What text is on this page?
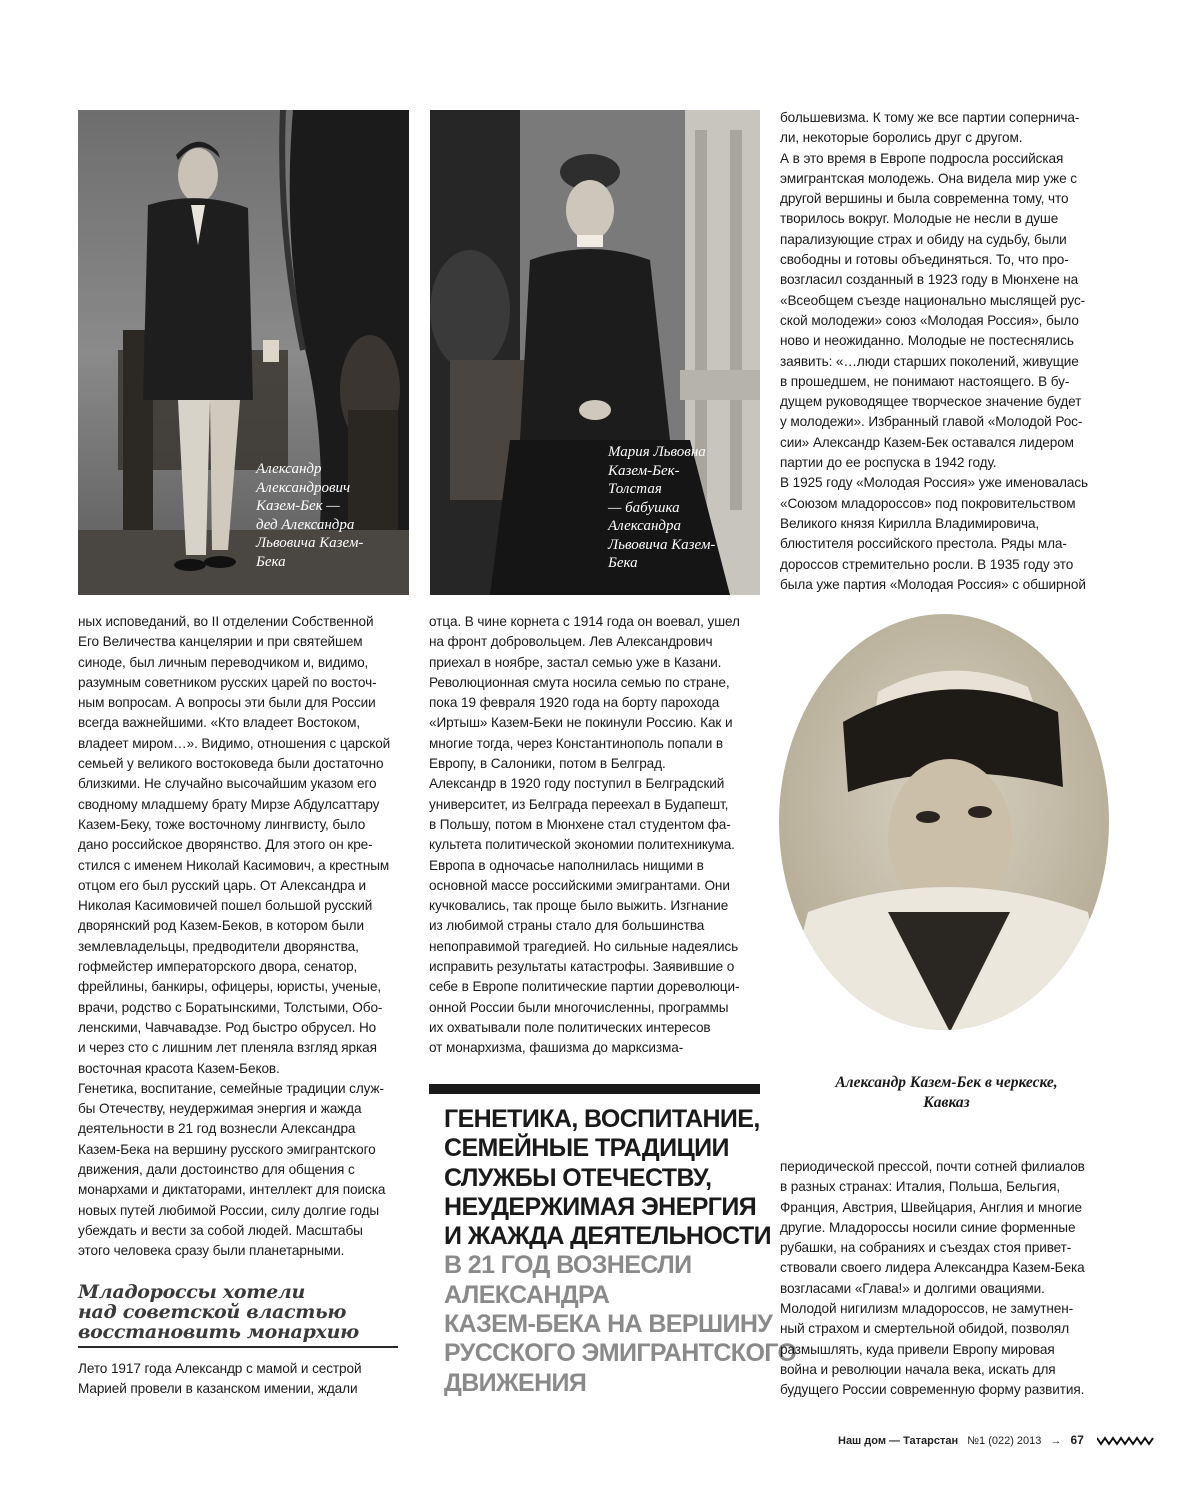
Александр

Александрович

Казем-Бек —

дед Александра

Львовича Казем-

Бека

Мария Львовна

Казем-Бек-

Толстая

— бабушка

Александра

Львовича Казем-

Бека

Александр Казем-Бек в черкеске,
Кавказ

ных исповеданий, во II отделении Собственной

Его Величества канцелярии и при святейшем

синоде, был личным переводчиком и, видимо,

разумным советником русских царей по восточ-

ным вопросам. А вопросы эти были для России

всегда важнейшими. «Кто владеет Востоком,

владеет миром…». Видимо, отношения с царской

семьей у великого востоковеда были достаточно

близкими. Не случайно высочайшим указом его

сводному младшему брату Мирзе Абдулсаттару

Казем-Беку, тоже восточному лингвисту, было

дано российское дворянство. Для этого он кре-

стился с именем Николай Касимович, а крестным

отцом его был русский царь. От Александра и

Николая Касимовичей пошел большой русский

дворянский род Казем-Беков, в котором были

землевладельцы, предводители дворянства,

гофмейстер императорского двора, сенатор,

фрейлины, банкиры, офицеры, юристы, ученые,

врачи, родство с Боратынскими, Толстыми, Обо-

ленскими, Чавчавадзе. Род быстро обрусел. Но

и через сто с лишним лет пленяла взгляд яркая

восточная красота Казем-Беков.

Генетика, воспитание, семейные традиции служ-

бы Отечеству, неудержимая энергия и жажда

деятельности в 21 год вознесли Александра

Казем-Бека на вершину русского эмигрантского

движения, дали достоинство для общения с

монархами и диктаторами, интеллект для поиска

новых путей любимой России, силу долгие годы

убеждать и вести за собой людей. Масштабы

этого человека сразу были планетарными.

Младороссы хотели

над советской властью

восстановить монархию

Лето 1917 года Александр с мамой и сестрой

Марией провели в казанском имении, ждали

отца. В чине корнета с 1914 года он воевал, ушел

на фронт добровольцем. Лев Александрович

приехал в ноябре, застал семью уже в Казани.

Революционная смута носила семью по стране,

пока 19 февраля 1920 года на борту парохода

«Иртыш» Казем-Беки не покинули Россию. Как и

многие тогда, через Константинополь попали в

Европу, в Салоники, потом в Белград.

Александр в 1920 году поступил в Белградский

университет, из Белграда переехал в Будапешт,

в Польшу, потом в Мюнхене стал студентом фа-

культета политической экономии политехникума.

Европа в одночасье наполнилась нищими в

основной массе российскими эмигрантами. Они

кучковались, так проще было выжить. Изгнание

из любимой страны стало для большинства

непоправимой трагедией. Но сильные надеялись

исправить результаты катастрофы. Заявившие о

себе в Европе политические партии дореволюци-

онной России были многочисленны, программы

их охватывали поле политических интересов

от монархизма, фашизма до марксизма-

ГЕНЕТИКА, ВОСПИТАНИЕ,

СЕМЕЙНЫЕ ТРАДИЦИИ

СЛУЖБЫ ОТЕЧЕСТВУ,

НЕУДЕРЖИМАЯ ЭНЕРГИЯ

И ЖАЖДА ДЕЯТЕЛЬНОСТИ

В 21 ГОД ВОЗНЕСЛИ

АЛЕКСАНДРА

КАЗЕМ-БЕКА НА ВЕРШИНУ

РУССКОГО ЭМИГРАНТСКОГО

ДВИЖЕНИЯ

большевизма. К тому же все партии соперничa-

ли, некоторые боролись друг с другом.

А в это время в Европе подросла российская

эмигрантская молодежь. Она видела мир уже с

другой вершины и была современна тому, что

творилось вокруг. Молодые не несли в душе

парализующие страх и обиду на судьбу, были

свободны и готовы объединяться. То, что про-

возгласил созданный в 1923 году в Мюнхене на

«Всеобщем съезде национально мыслящей рус-

ской молодежи» союз «Молодая Россия», было

ново и неожиданно. Молодые не постеснялись

заявить: «…люди старших поколений, живущие

в прошедшем, не понимают настоящего. В бу-

дущем руководящее творческое значение будет

у молодежи». Избранный главой «Молодой Рос-

сии» Александр Казем-Бек оставался лидером

партии до ее роспуска в 1942 году.

В 1925 году «Молодая Россия» уже именовалась

«Союзом младороссов» под покровительством

Великого князя Кирилла Владимировича,

блюстителя российского престола. Ряды мла-

дороссов стремительно росли. В 1935 году это

была уже партия «Молодая Россия» с обширной

периодической прессой, почти сотней филиалов

в разных странах: Италия, Польша, Бельгия,

Франция, Австрия, Швейцария, Англия и многие

другие. Младороссы носили синие форменные

рубашки, на собраниях и съездах стоя привет-

ствовали своего лидера Александра Казем-Бека

возгласами «Глава!» и долгими овациями.

Молодой нигилизм младороссов, не замутнен-

ный страхом и смертельной обидой, позволял

размышлять, куда привели Европу мировая

война и революции начала века, искать для

будущего России современную форму развития.

Наш дом — Татарстан №1 (022) 2013 → 67
